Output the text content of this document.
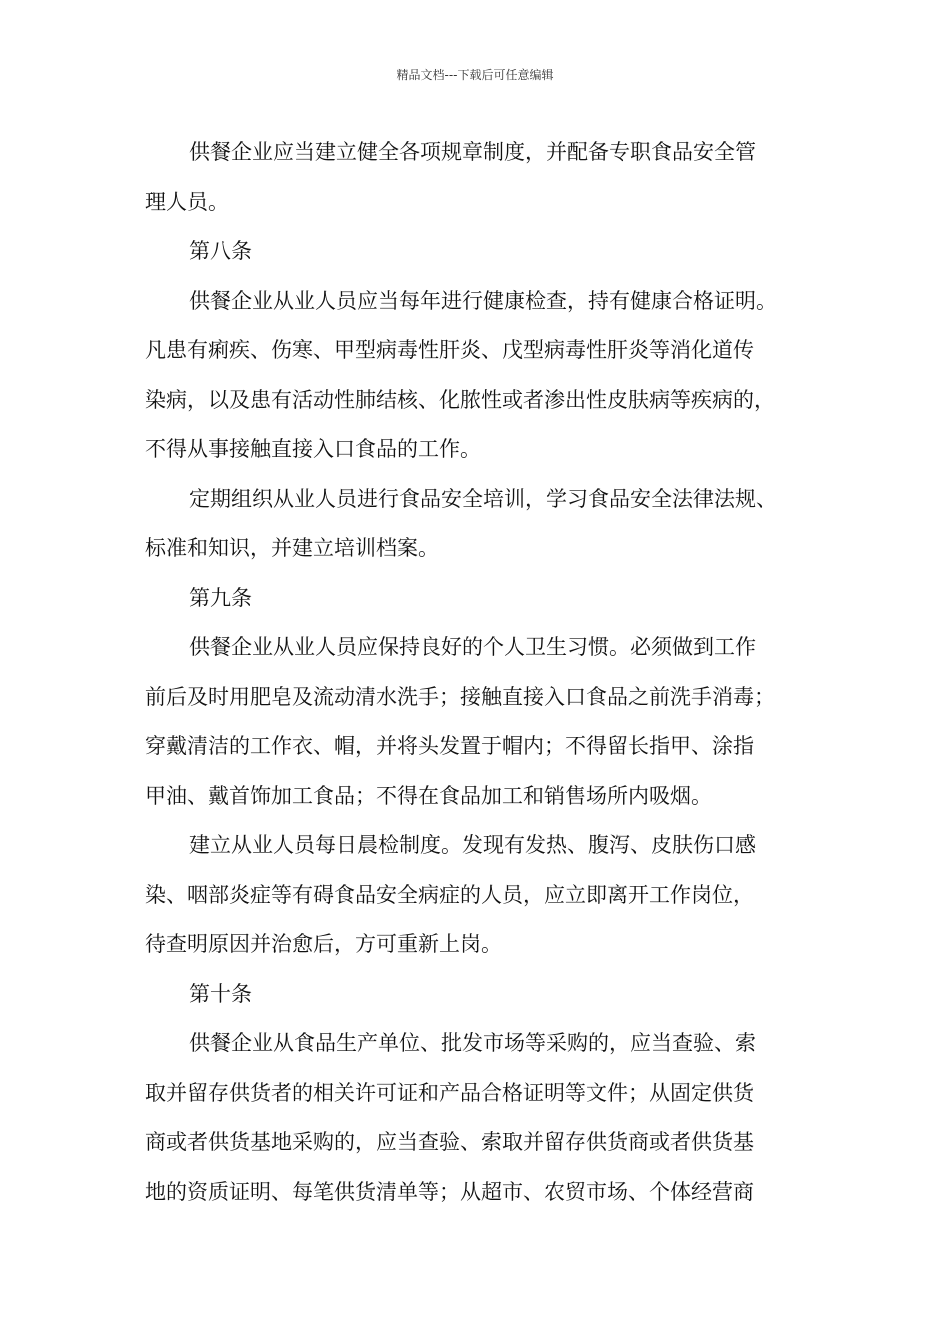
精品文档---下载后可任意编辑
供餐企业应当建立健全各项规章制度，并配备专职食品安全管
理人员。
第八条
供餐企业从业人员应当每年进行健康检查，持有健康合格证明。
凡患有痢疾、伤寒、甲型病毒性肝炎、戊型病毒性肝炎等消化道传
染病，以及患有活动性肺结核、化脓性或者渗出性皮肤病等疾病的，
不得从事接触直接入口食品的工作。
定期组织从业人员进行食品安全培训，学习食品安全法律法规、
标准和知识，并建立培训档案。
第九条
供餐企业从业人员应保持良好的个人卫生习惯。必须做到工作
前后及时用肥皂及流动清水洗手；接触直接入口食品之前洗手消毒；
穿戴清洁的工作衣、帽，并将头发置于帽内；不得留长指甲、涂指
甲油、戴首饰加工食品；不得在食品加工和销售场所内吸烟。
建立从业人员每日晨检制度。发现有发热、腹泻、皮肤伤口感
染、咽部炎症等有碍食品安全病症的人员，应立即离开工作岗位，
待查明原因并治愈后，方可重新上岗。
第十条
供餐企业从食品生产单位、批发市场等采购的，应当查验、索
取并留存供货者的相关许可证和产品合格证明等文件；从固定供货
商或者供货基地采购的，应当查验、索取并留存供货商或者供货基
地的资质证明、每笔供货清单等；从超市、农贸市场、个体经营商
